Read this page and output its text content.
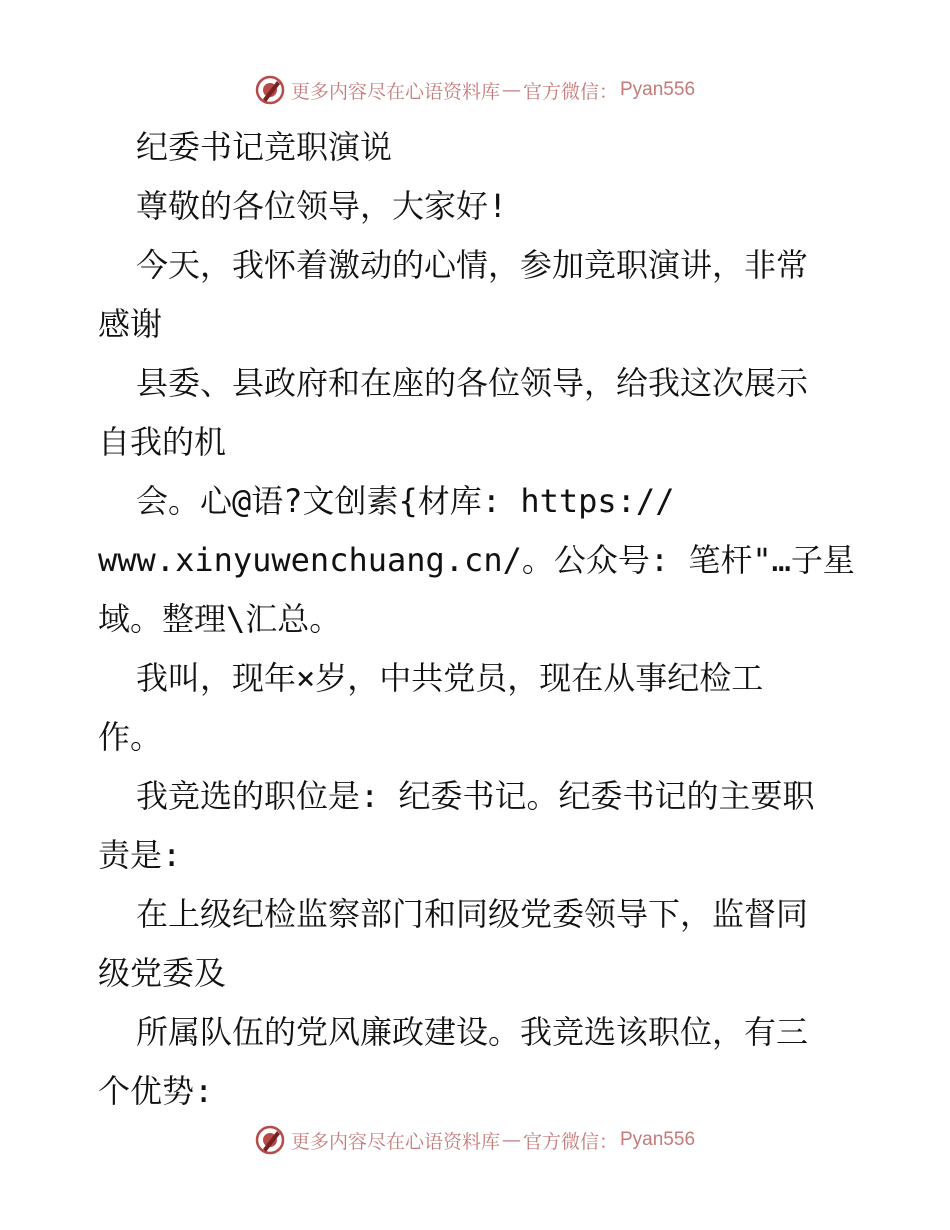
更多内容尽在心语资料库 — 官方微信： Pyan556
纪委书记竞职演说
尊敬的各位领导，大家好!
今天，我怀着激动的心情，参加竞职演讲，非常
感谢
县委、县政府和在座的各位领导，给我这次展示
自我的机
会。心@语?文创素{材库: https://
www.xinyuwenchuang.cn/。公众号: 笔杆"…子星
域。整理\汇总。
我叫，现年×岁，中共党员，现在从事纪检工
作。
我竞选的职位是: 纪委书记。纪委书记的主要职
责是:
在上级纪检监察部门和同级党委领导下，监督同
级党委及
所属队伍的党风廉政建设。我竞选该职位，有三
个优势:
更多内容尽在心语资料库 — 官方微信： Pyan556
